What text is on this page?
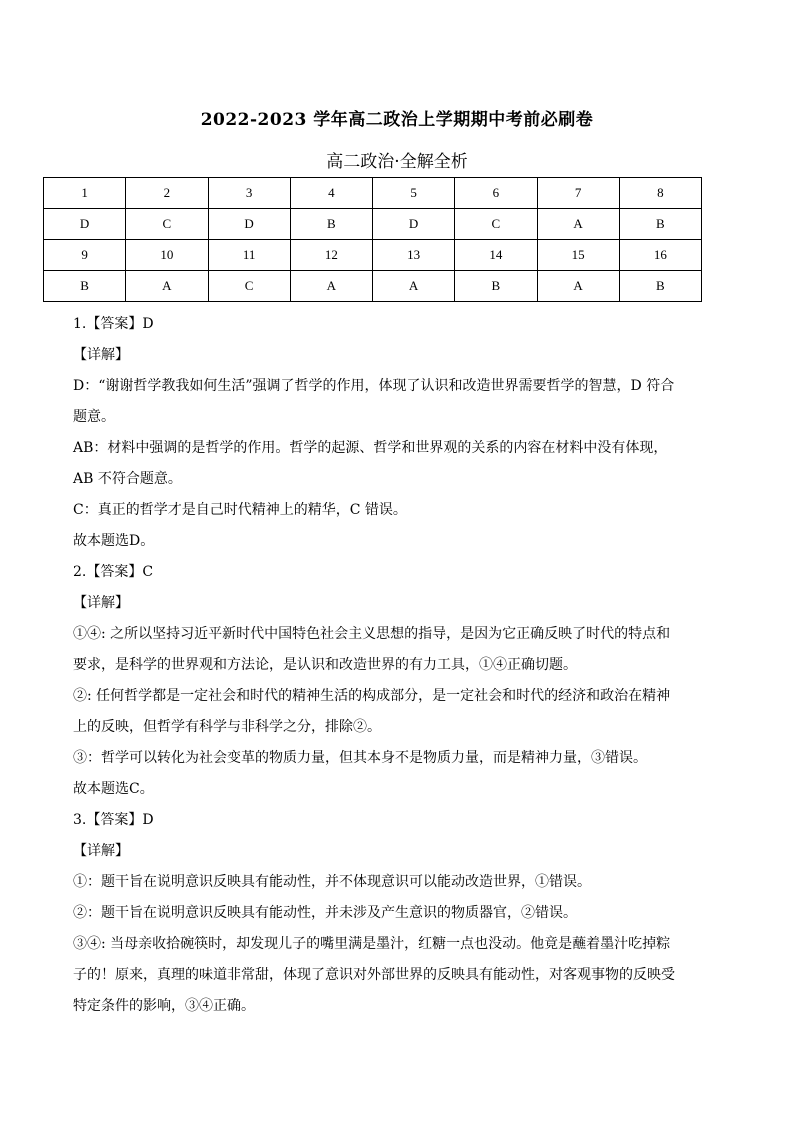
2022-2023 学年高二政治上学期期中考前必刷卷
高二政治·全解全析
1	2	3	4	5	6	7	8
D	C	D	B	D	C	A	B
9	10	11	12	13	14	15	16
B	A	C	A	A	B	A	B

1.【答案】D

【详解】

D：“谢谢哲学教我如何生活”强调了哲学的作用，体现了认识和改造世界需要哲学的智慧，D 符合

题意。

AB：材料中强调的是哲学的作用。哲学的起源、哲学和世界观的关系的内容在材料中没有体现，

AB 不符合题意。

C：真正的哲学才是自己时代精神上的精华，C 错误。

故本题选D。

2.【答案】C

【详解】

①④: 之所以坚持习近平新时代中国特色社会主义思想的指导，是因为它正确反映了时代的特点和

要求，是科学的世界观和方法论，是认识和改造世界的有力工具，①④正确切题。

②: 任何哲学都是一定社会和时代的精神生活的构成部分，是一定社会和时代的经济和政治在精神

上的反映，但哲学有科学与非科学之分，排除②。

③：哲学可以转化为社会变革的物质力量，但其本身不是物质力量，而是精神力量，③错误。

故本题选C。

3.【答案】D

【详解】

①：题干旨在说明意识反映具有能动性，并不体现意识可以能动改造世界，①错误。

②：题干旨在说明意识反映具有能动性，并未涉及产生意识的物质器官，②错误。

③④: 当母亲收拾碗筷时，却发现儿子的嘴里满是墨汁，红糖一点也没动。他竟是蘸着墨汁吃掉粽

子的！原来，真理的味道非常甜，体现了意识对外部世界的反映具有能动性，对客观事物的反映受

特定条件的影响，③④正确。
